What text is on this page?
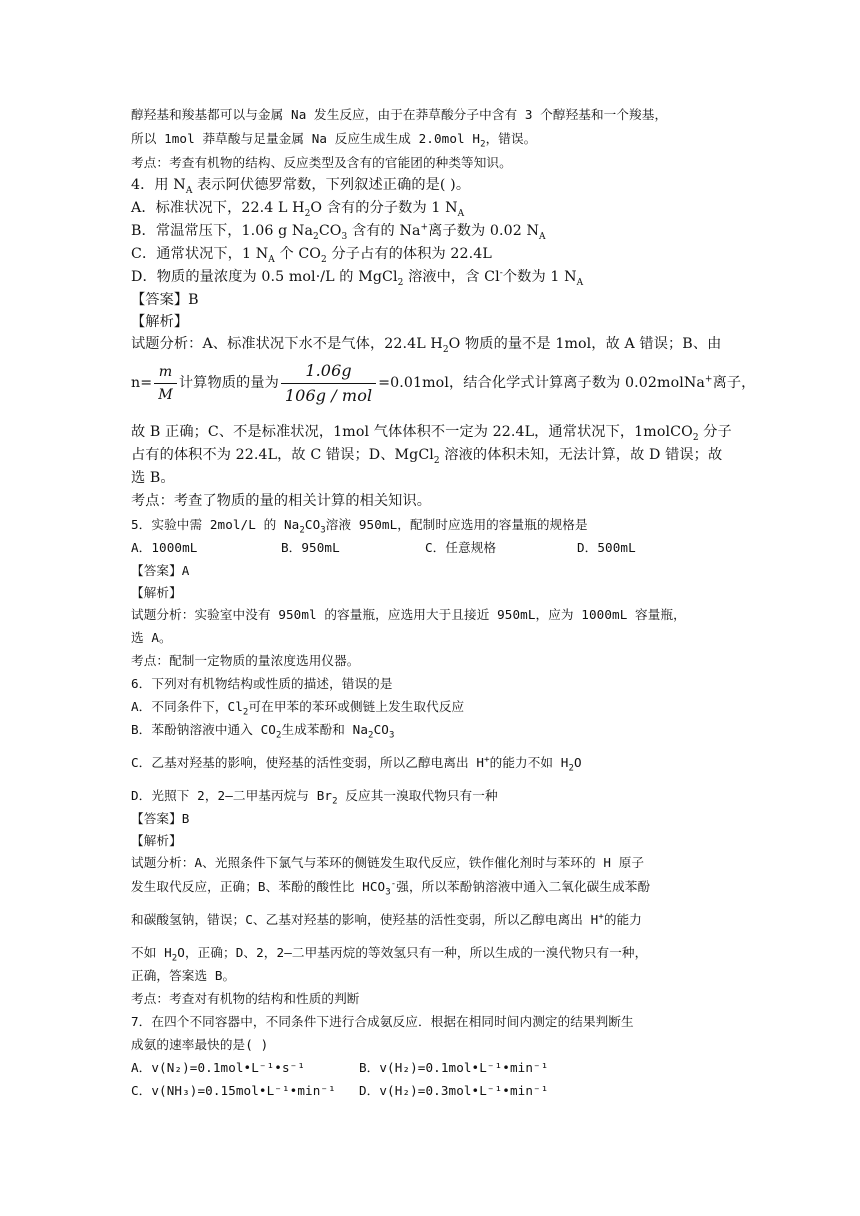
醇羟基和羧基都可以与金属 Na 发生反应，由于在莽草酸分子中含有 3 个醇羟基和一个羧基，
所以 1mol 莽草酸与足量金属 Na 反应生成生成 2.0mol $H_2$，错误。
考点：考查有机物的结构、反应类型及含有的官能团的种类等知识。
4．用 $N_A$ 表示阿伏德罗常数，下列叙述正确的是( )。
A．标准状况下，22.4 L $H_2O$ 含有的分子数为 1 $N_A$
B．常温常压下，1.06 g $Na_2CO_3$ 含有的 Na+离子数为 0.02 $N_A$
C．通常状况下，1 $N_A$ 个 $CO_2$ 分子占有的体积为 22.4L
D．物质的量浓度为 0.5 mol·/L 的 MgCl$_2$ 溶液中，含 Cl-个数为 1 $N_A$
【答案】B
【解析】
试题分析：A、标准状况下水不是气体，22.4L $H_2O$ 物质的量不是 1mol，故 A 错误；B、由
$n= \frac{m}{M}$ 计算物质的量为 $\frac{1.06g}{\text{106g / mol}} =0.01mol$，结合化学式计算离子数为 0.02molNa+离子，
故 B 正确；C、不是标准状况，1mol 气体体积不一定为 22.4L，通常状况下，1molCO$_2$ 分子
占有的体积不为 22.4L，故 C 错误；D、MgCl$_2$ 溶液的体积未知，无法计算，故 D 错误；故
选 B。
考点：考查了物质的量的相关计算的相关知识。
5．实验中需 2mol/L 的 $Na_2CO_3$溶液 950mL，配制时应选用的容量瓶的规格是
A．1000mL	B．950mL	C．任意规格	D．500mL
【答案】A
【解析】
试题分析：实验室中没有 950ml 的容量瓶，应选用大于且接近 950mL，应为 1000mL 容量瓶，
选 A。
考点：配制一定物质的量浓度选用仪器。
6．下列对有机物结构或性质的描述，错误的是
A．不同条件下，$Cl_2$可在甲苯的苯环或侧链上发生取代反应
B．苯酚钠溶液中通入 $CO_2$生成苯酚和 $Na_2CO_3$
C．乙基对羟基的影响，使羟基的活性变弱，所以乙醇电离出 H+的能力不如 $H_2O$
D．光照下 2，2—二甲基丙烷与 $Br_2$ 反应其一溴取代物只有一种
【答案】B
【解析】
试题分析：A、光照条件下氯气与苯环的侧链发生取代反应，铁作催化剂时与苯环的 H 原子
发生取代反应，正确；B、苯酚的酸性比 $HCO_3^-$强，所以苯酚钠溶液中通入二氧化碳生成苯酚
和碳酸氢钠，错误；C、乙基对羟基的影响，使羟基的活性变弱，所以乙醇电离出 H+的能力
不如 $H_2O$，正确；D、2，2—二甲基丙烷的等效氢只有一种，所以生成的一溴代物只有一种，
正确，答案选 B。
考点：考查对有机物的结构和性质的判断
7．在四个不同容器中，不同条件下进行合成氨反应．根据在相同时间内测定的结果判断生
成氨的速率最快的是( )
A．v(N₂)=0.1mol•L⁻¹•s⁻¹	B．v(H₂)=0.1mol•L⁻¹•min⁻¹
C．v(NH₃)=0.15mol•L⁻¹•min⁻¹ D．v(H₂)=0.3mol•L⁻¹•min⁻¹
